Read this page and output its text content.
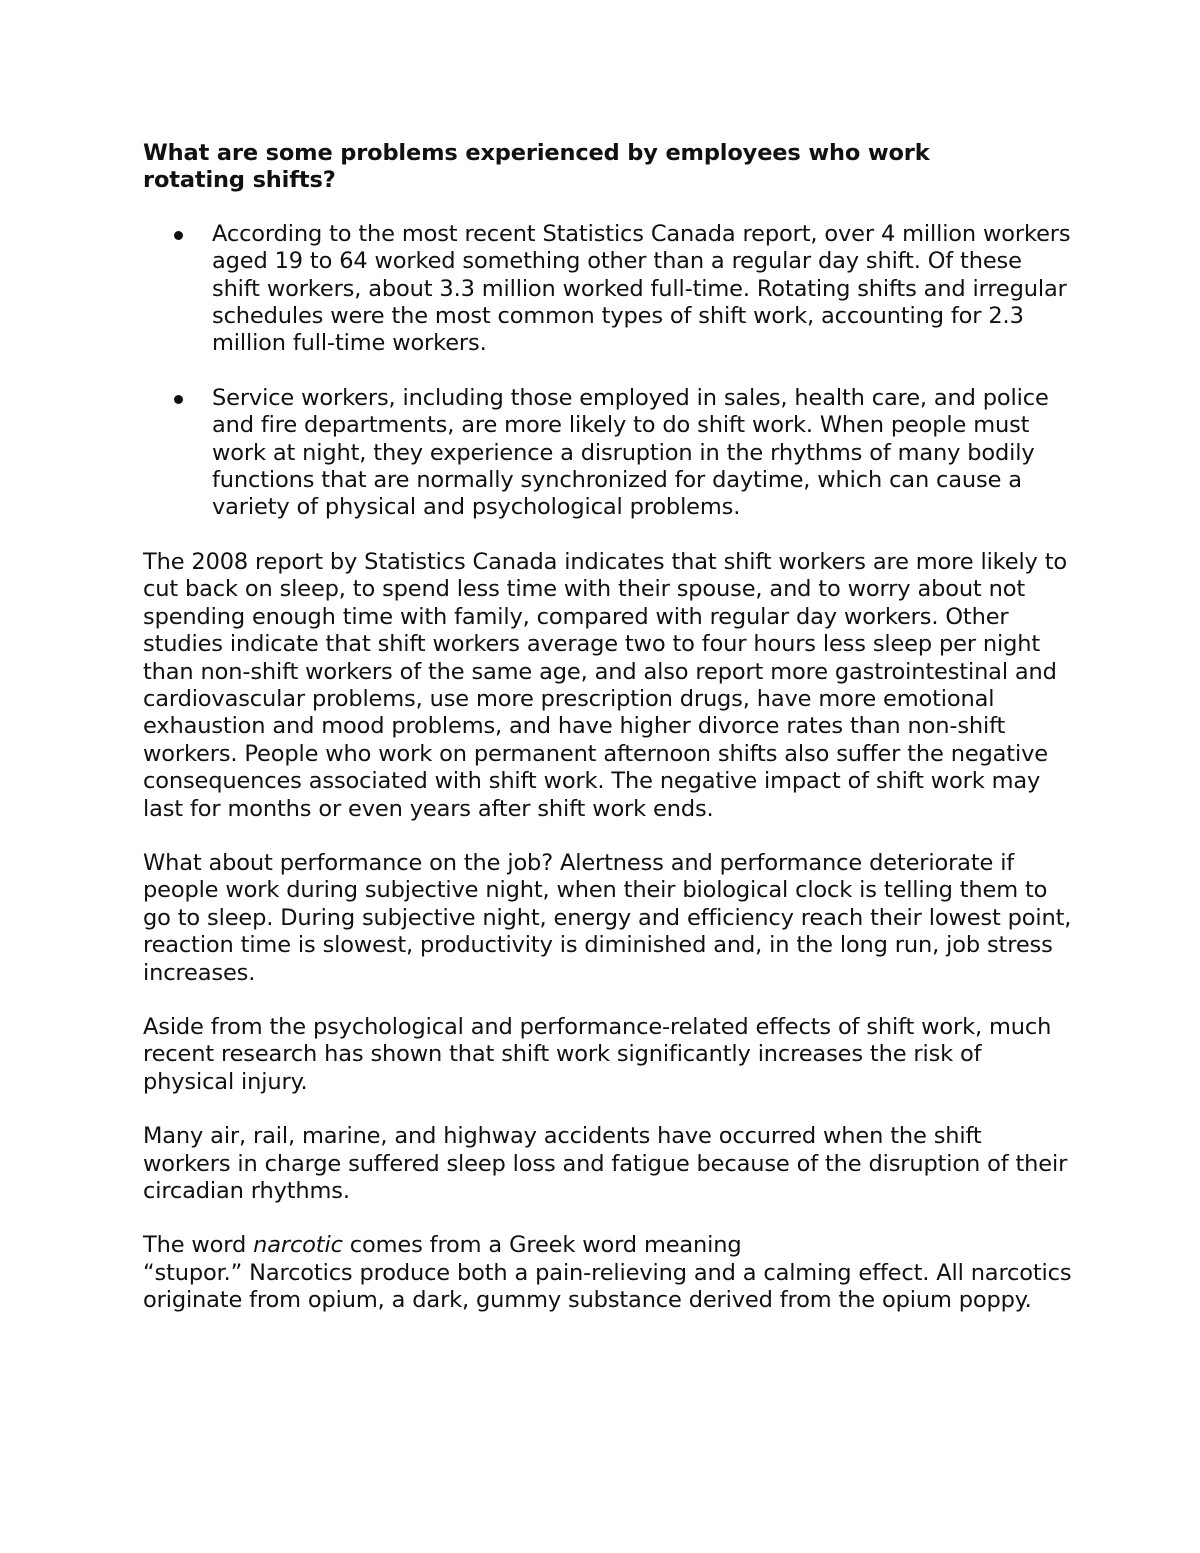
What are some problems experienced by employees who work rotating shifts?
According to the most recent Statistics Canada report, over 4 million workers aged 19 to 64 worked something other than a regular day shift. Of these shift workers, about 3.3 million worked full-time. Rotating shifts and irregular schedules were the most common types of shift work, accounting for 2.3 million full-time workers.
Service workers, including those employed in sales, health care, and police and fire departments, are more likely to do shift work. When people must work at night, they experience a disruption in the rhythms of many bodily functions that are normally synchronized for daytime, which can cause a variety of physical and psychological problems.

The 2008 report by Statistics Canada indicates that shift workers are more likely to cut back on sleep, to spend less time with their spouse, and to worry about not spending enough time with family, compared with regular day workers. Other studies indicate that shift workers average two to four hours less sleep per night than non-shift workers of the same age, and also report more gastrointestinal and cardiovascular problems, use more prescription drugs, have more emotional exhaustion and mood problems, and have higher divorce rates than non-shift workers. People who work on permanent afternoon shifts also suffer the negative consequences associated with shift work. The negative impact of shift work may last for months or even years after shift work ends.

What about performance on the job? Alertness and performance deteriorate if people work during subjective night, when their biological clock is telling them to go to sleep. During subjective night, energy and efficiency reach their lowest point, reaction time is slowest, productivity is diminished and, in the long run, job stress increases.

Aside from the psychological and performance-related effects of shift work, much recent research has shown that shift work significantly increases the risk of physical injury.

Many air, rail, marine, and highway accidents have occurred when the shift workers in charge suffered sleep loss and fatigue because of the disruption of their circadian rhythms.

The word narcotic comes from a Greek word meaning
“stupor.” Narcotics produce both a pain-relieving and a calming effect. All narcotics originate from opium, a dark, gummy substance derived from the opium poppy.
